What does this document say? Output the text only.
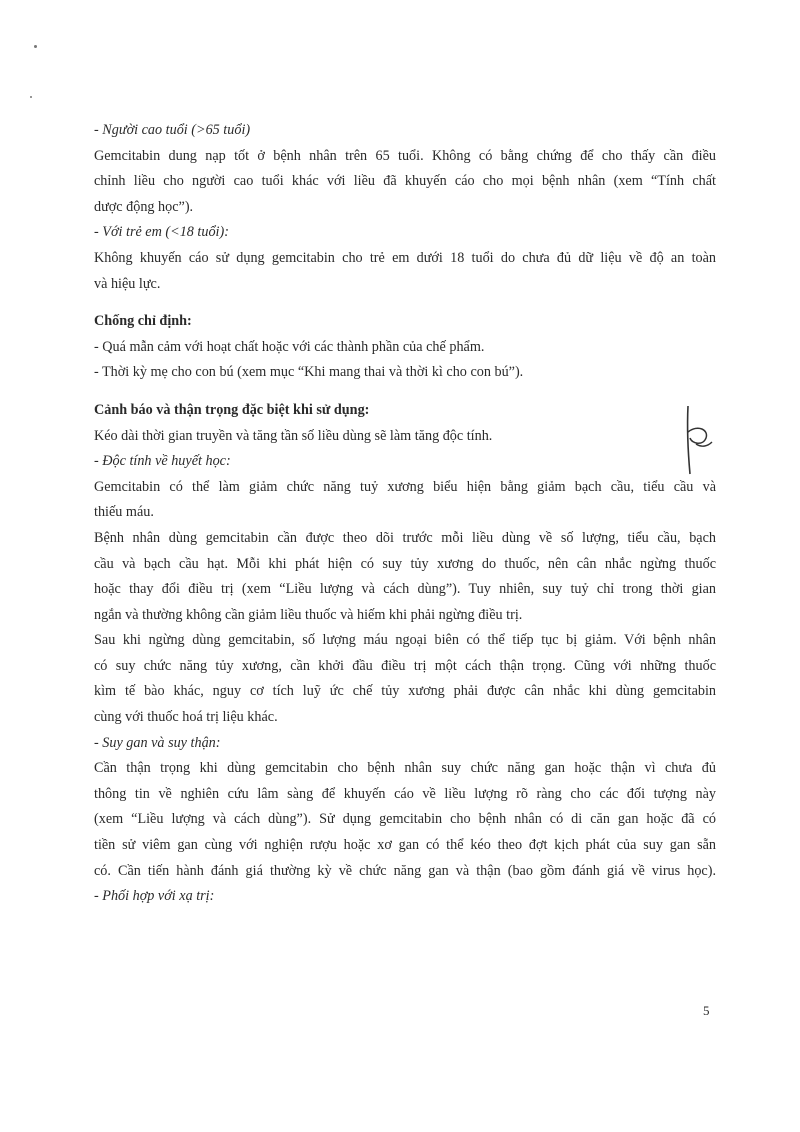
- Người cao tuổi (>65 tuổi)
Gemcitabin dung nạp tốt ở bệnh nhân trên 65 tuổi. Không có bằng chứng để cho thấy cần điều
chỉnh liều cho người cao tuổi khác với liều đã khuyến cáo cho mọi bệnh nhân (xem “Tính chất
dược động học”).
- Với trẻ em (<18 tuổi):
Không khuyến cáo sử dụng gemcitabin cho trẻ em dưới 18 tuổi do chưa đủ dữ liệu về độ an toàn
và hiệu lực.
Chống chỉ định:
- Quá mẫn cảm với hoạt chất hoặc với các thành phần của chế phẩm.
- Thời kỳ mẹ cho con bú (xem mục “Khi mang thai và thời kì cho con bú”).
Cảnh báo và thận trọng đặc biệt khi sử dụng:
Kéo dài thời gian truyền và tăng tần số liều dùng sẽ làm tăng độc tính.
- Độc tính về huyết học:
Gemcitabin có thể làm giảm chức năng tuỷ xương biểu hiện bằng giảm bạch cầu, tiểu cầu và
thiếu máu.
Bệnh nhân dùng gemcitabin cần được theo dõi trước mỗi liều dùng về số lượng, tiểu cầu, bạch
cầu và bạch cầu hạt. Mỗi khi phát hiện có suy tủy xương do thuốc, nên cân nhắc ngừng thuốc
hoặc thay đổi điều trị (xem “Liều lượng và cách dùng”). Tuy nhiên, suy tuỷ chỉ trong thời gian
ngắn và thường không cần giảm liều thuốc và hiếm khi phải ngừng điều trị.
Sau khi ngừng dùng gemcitabin, số lượng máu ngoại biên có thể tiếp tục bị giảm. Với bệnh nhân
có suy chức năng tủy xương, cần khởi đầu điều trị một cách thận trọng. Cũng với những thuốc
kìm tế bào khác, nguy cơ tích luỹ ức chế tủy xương phải được cân nhắc khi dùng gemcitabin
cùng với thuốc hoá trị liệu khác.
- Suy gan và suy thận:
Cần thận trọng khi dùng gemcitabin cho bệnh nhân suy chức năng gan hoặc thận vì chưa đủ
thông tin về nghiên cứu lâm sàng để khuyến cáo về liều lượng rõ ràng cho các đối tượng này
(xem “Liều lượng và cách dùng”). Sử dụng gemcitabin cho bệnh nhân có di căn gan hoặc đã có
tiền sử viêm gan cùng với nghiện rượu hoặc xơ gan có thể kéo theo đợt kịch phát của suy gan sẵn
có. Cần tiến hành đánh giá thường kỳ về chức năng gan và thận (bao gồm đánh giá về virus học).
- Phối hợp với xạ trị:
5
